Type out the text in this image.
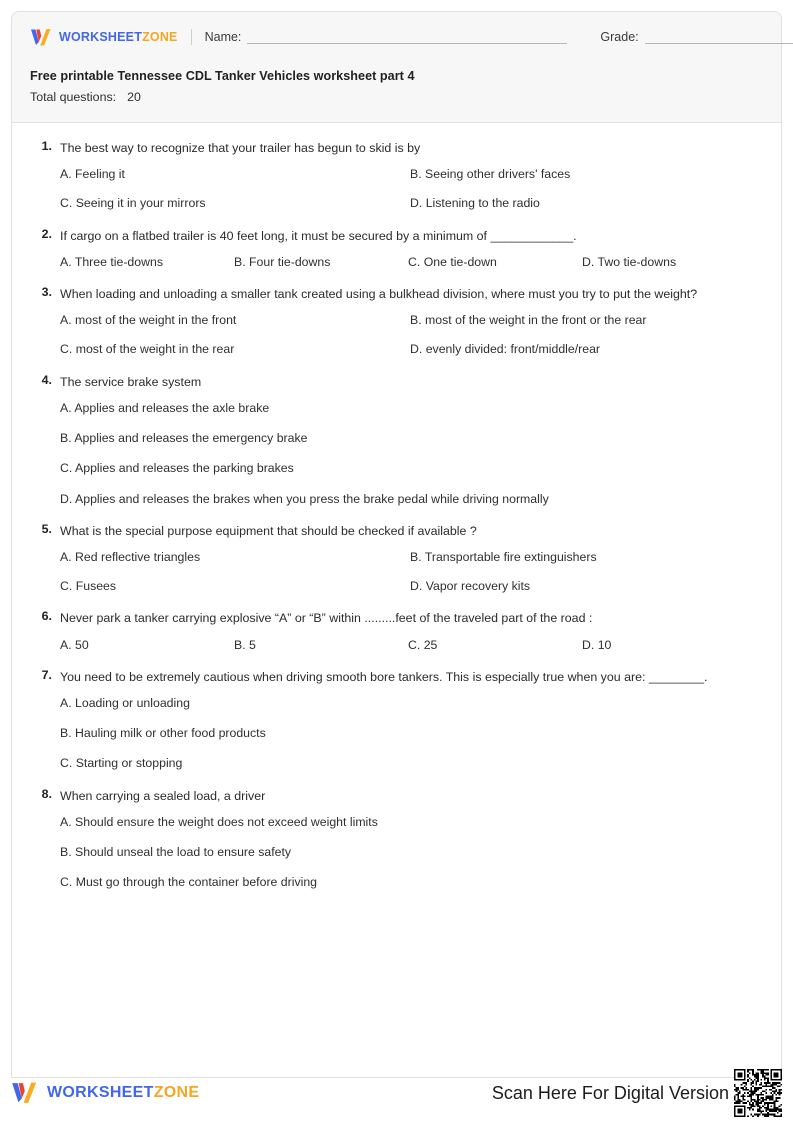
WORKSHEETZONE Name:	Grade:
Free printable Tennessee CDL Tanker Vehicles worksheet part 4
Total questions: 20
1. The best way to recognize that your trailer has begun to skid is by
A. Feeling it	B. Seeing other drivers' faces
C. Seeing it in your mirrors	D. Listening to the radio
2. If cargo on a flatbed trailer is 40 feet long, it must be secured by a minimum of ____________.
A. Three tie-downs	B. Four tie-downs	C. One tie-down	D. Two tie-downs
3. When loading and unloading a smaller tank created using a bulkhead division, where must you try to put the weight?
A. most of the weight in the front	B. most of the weight in the front or the rear
C. most of the weight in the rear	D. evenly divided: front/middle/rear
4. The service brake system
A. Applies and releases the axle brake
B. Applies and releases the emergency brake
C. Applies and releases the parking brakes
D. Applies and releases the brakes when you press the brake pedal while driving normally
5. What is the special purpose equipment that should be checked if available ?
A. Red reflective triangles	B. Transportable fire extinguishers
C. Fusees	D. Vapor recovery kits
6. Never park a tanker carrying explosive “A” or “B” within .........feet of the traveled part of the road :
A. 50	B. 5	C. 25	D. 10
7. You need to be extremely cautious when driving smooth bore tankers. This is especially true when you are: ________.
A. Loading or unloading
B. Hauling milk or other food products
C. Starting or stopping
8. When carrying a sealed load, a driver
A. Should ensure the weight does not exceed weight limits
B. Should unseal the load to ensure safety
C. Must go through the container before driving
WORKSHEETZONE	Scan Here For Digital Version
